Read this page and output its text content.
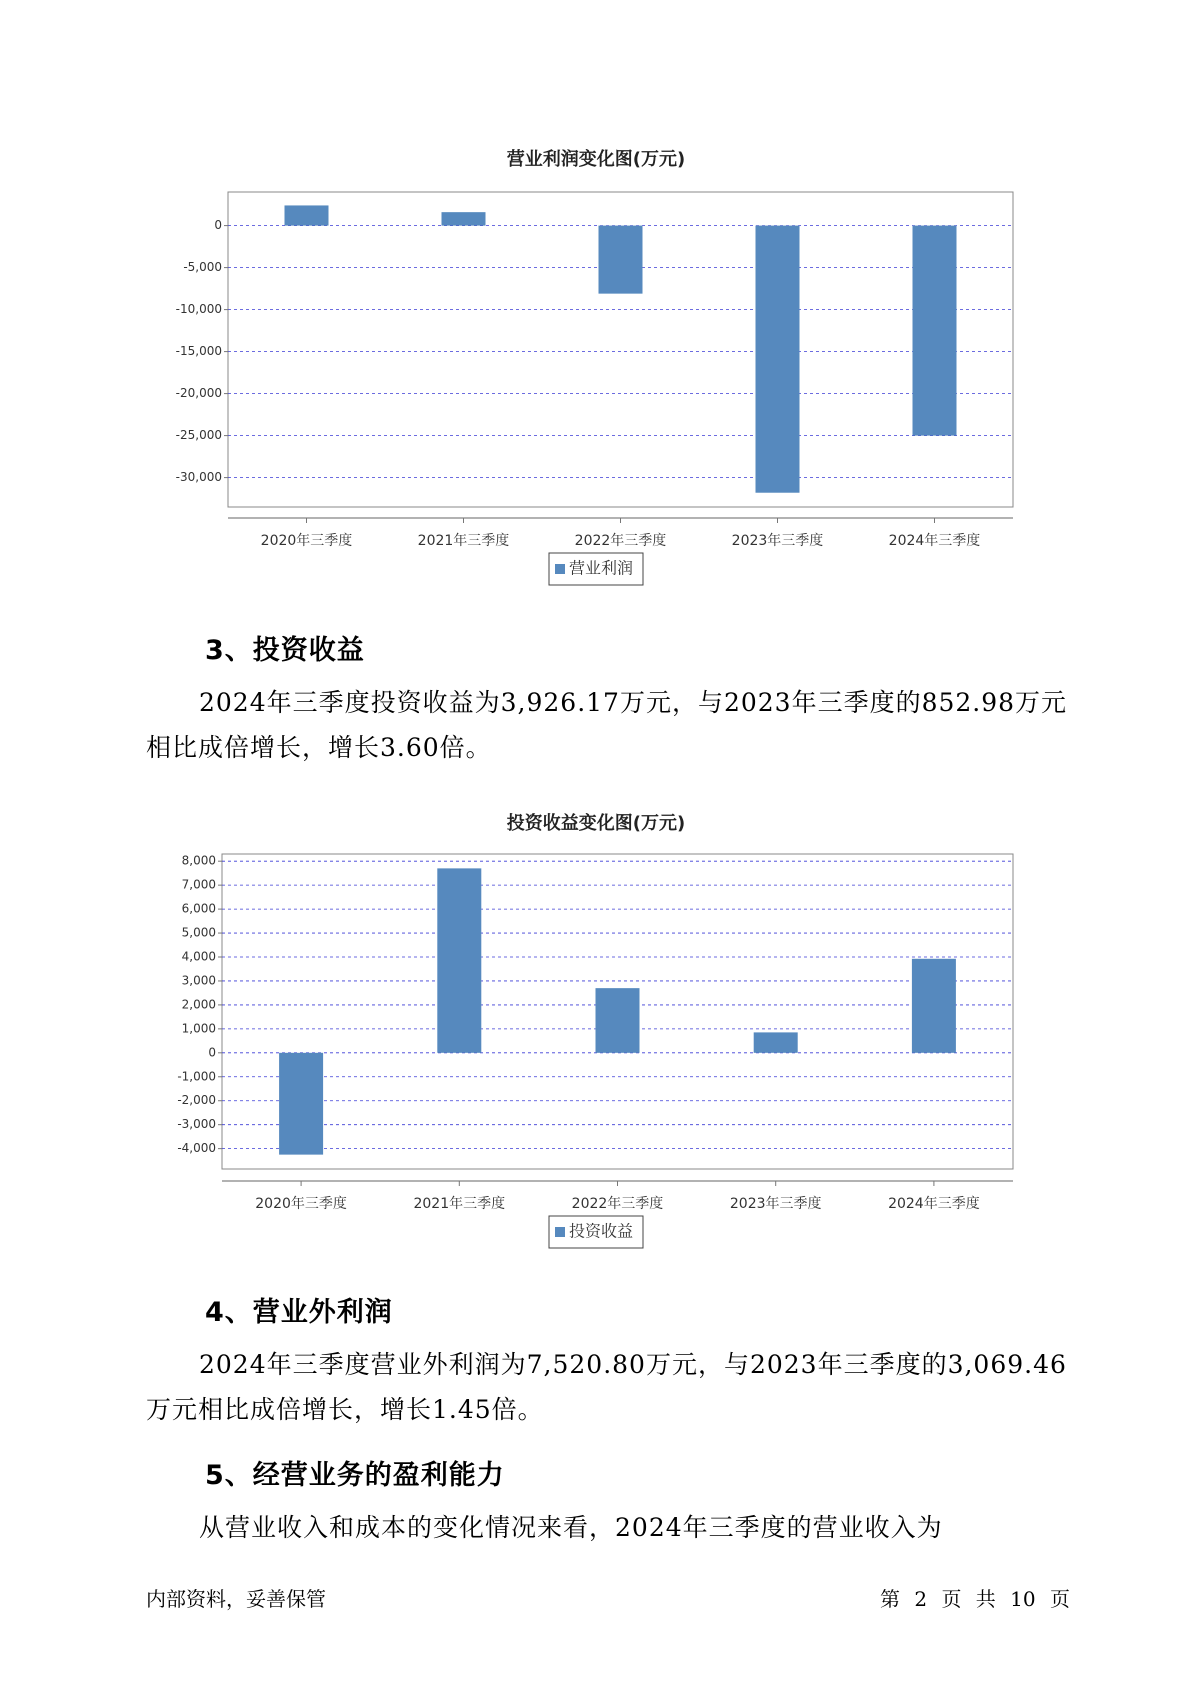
营业利润变化图(万元)
0
-5,000
-10,000
-15,000
-20,000
-25,000
-30,000
2020年三季度	2021年三季度	2022年三季度	2023年三季度	2024年三季度
营业利润
3、投资收益

2024年三季度投资收益为3,926.17万元，与2023年三季度的852.98万元相比成倍增长，增长3.60倍。

投资收益变化图(万元)
8,000
7,000
6,000
5,000
4,000
3,000
2,000
1,000
0
-1,000
-2,000
-3,000
-4,000
2020年三季度	2021年三季度	2022年三季度	2023年三季度	2024年三季度
投资收益
4、营业外利润

2024年三季度营业外利润为7,520.80万元，与2023年三季度的3,069.46万元相比成倍增长，增长1.45倍。

5、经营业务的盈利能力

从营业收入和成本的变化情况来看，2024年三季度的营业收入为

内部资料，妥善保管	第 2 页 共 10 页
